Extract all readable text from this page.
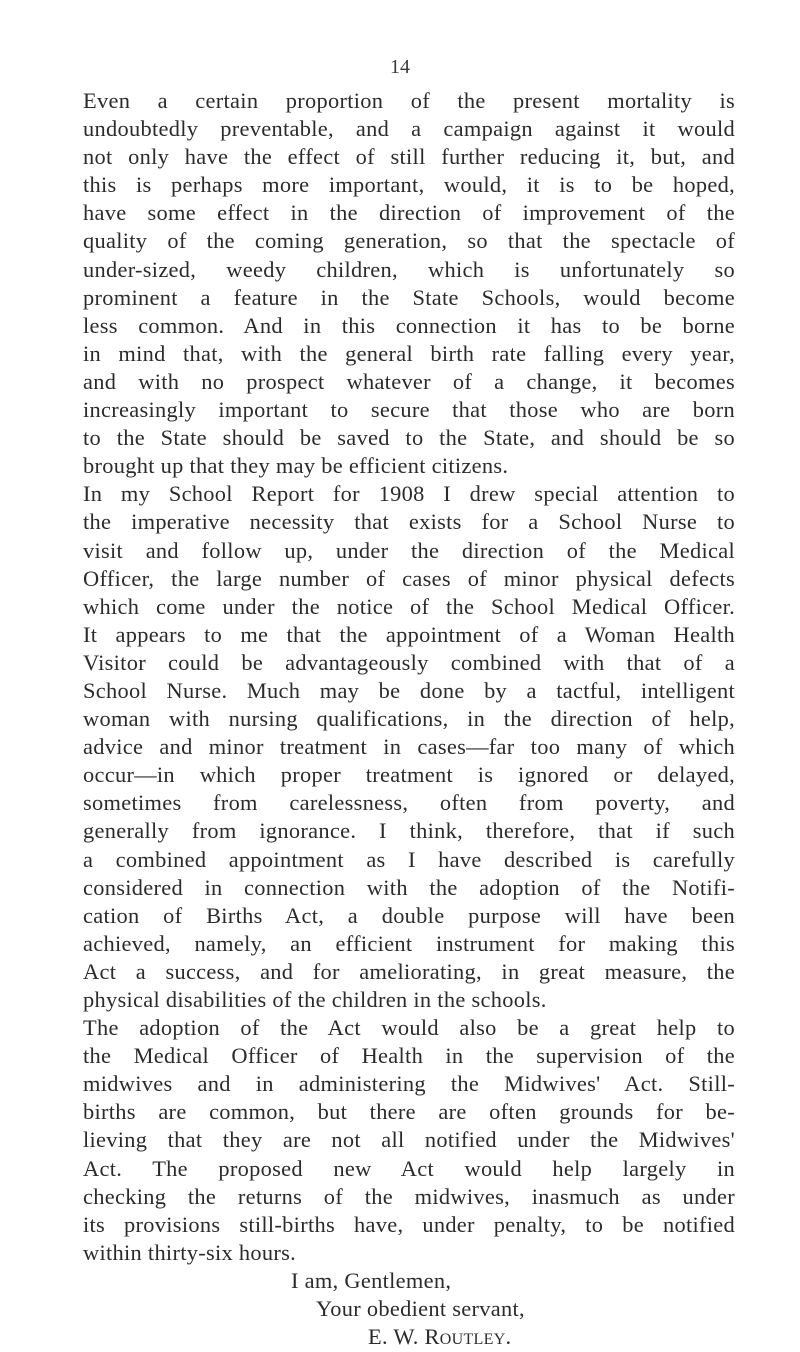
14

Even a certain proportion of the present mortality is
undoubtedly preventable, and a campaign against it would
not only have the effect of still further reducing it, but, and
this is perhaps more important, would, it is to be hoped,
have some effect in the direction of improvement of the
quality of the coming generation, so that the spectacle of
under-sized, weedy children, which is unfortunately so
prominent a feature in the State Schools, would become
less common. And in this connection it has to be borne
in mind that, with the general birth rate falling every year,
and with no prospect whatever of a change, it becomes
increasingly important to secure that those who are born
to the State should be saved to the State, and should be so
brought up that they may be efficient citizens.

In my School Report for 1908 I drew special attention to
the imperative necessity that exists for a School Nurse to
visit and follow up, under the direction of the Medical
Officer, the large number of cases of minor physical defects
which come under the notice of the School Medical Officer.
It appears to me that the appointment of a Woman Health
Visitor could be advantageously combined with that of a
School Nurse. Much may be done by a tactful, intelligent
woman with nursing qualifications, in the direction of help,
advice and minor treatment in cases—far too many of which
occur—in which proper treatment is ignored or delayed,
sometimes from carelessness, often from poverty, and
generally from ignorance. I think, therefore, that if such
a combined appointment as I have described is carefully
considered in connection with the adoption of the Notifi-
cation of Births Act, a double purpose will have been
achieved, namely, an efficient instrument for making this
Act a success, and for ameliorating, in great measure, the
physical disabilities of the children in the schools.

The adoption of the Act would also be a great help to
the Medical Officer of Health in the supervision of the
midwives and in administering the Midwives' Act. Still-
births are common, but there are often grounds for be-
lieving that they are not all notified under the Midwives'
Act. The proposed new Act would help largely in
checking the returns of the midwives, inasmuch as under
its provisions still-births have, under penalty, to be notified
within thirty-six hours.

I am, Gentlemen,
Your obedient servant,
E. W. Routley.
